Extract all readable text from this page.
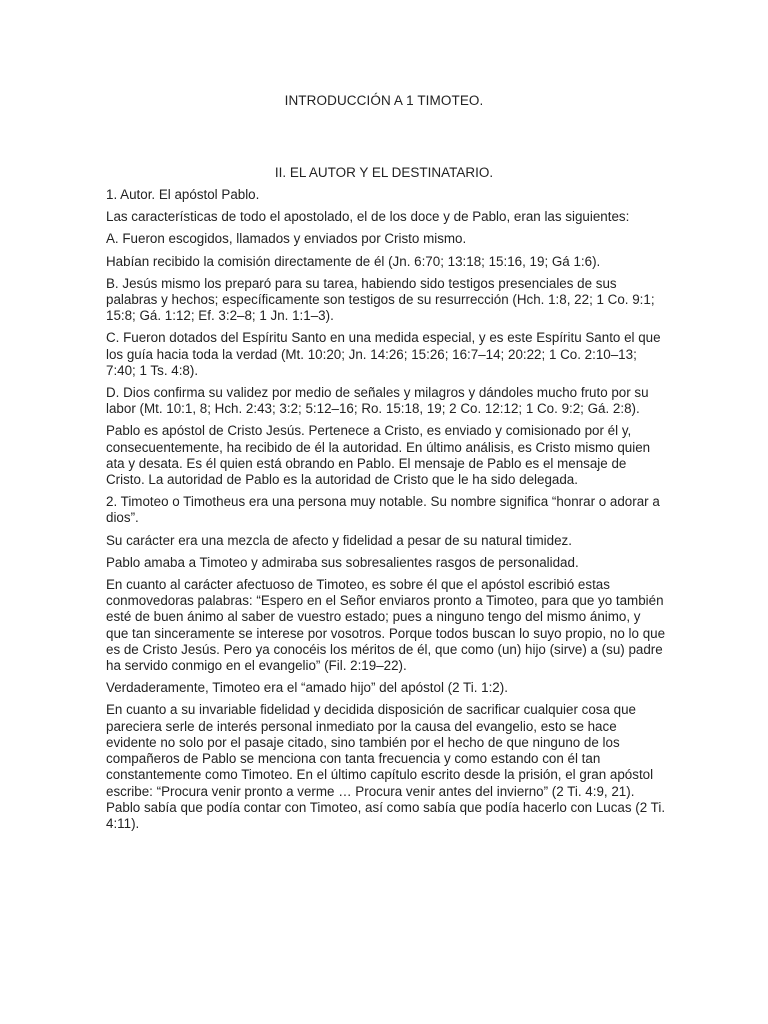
INTRODUCCIÓN A 1 TIMOTEO.
II. EL AUTOR Y EL DESTINATARIO.

1. Autor. El apóstol Pablo.

Las características de todo el apostolado, el de los doce y de Pablo, eran las siguientes:

A. Fueron escogidos, llamados y enviados por Cristo mismo.

Habían recibido la comisión directamente de él (Jn. 6:70; 13:18; 15:16, 19; Gá 1:6).

B. Jesús mismo los preparó para su tarea, habiendo sido testigos presenciales de sus palabras y hechos; específicamente son testigos de su resurrección (Hch. 1:8, 22; 1 Co. 9:1; 15:8; Gá. 1:12; Ef. 3:2–8; 1 Jn. 1:1–3).

C. Fueron dotados del Espíritu Santo en una medida especial, y es este Espíritu Santo el que los guía hacia toda la verdad (Mt. 10:20; Jn. 14:26; 15:26; 16:7–14; 20:22; 1 Co. 2:10–13; 7:40; 1 Ts. 4:8).

D. Dios confirma su validez por medio de señales y milagros y dándoles mucho fruto por su labor (Mt. 10:1, 8; Hch. 2:43; 3:2; 5:12–16; Ro. 15:18, 19; 2 Co. 12:12; 1 Co. 9:2; Gá. 2:8).

Pablo es apóstol de Cristo Jesús. Pertenece a Cristo, es enviado y comisionado por él y, consecuentemente, ha recibido de él la autoridad. En último análisis, es Cristo mismo quien ata y desata. Es él quien está obrando en Pablo. El mensaje de Pablo es el mensaje de Cristo. La autoridad de Pablo es la autoridad de Cristo que le ha sido delegada.

2. Timoteo o Timotheus era una persona muy notable. Su nombre significa “honrar o adorar a dios”.

Su carácter era una mezcla de afecto y fidelidad a pesar de su natural timidez.

Pablo amaba a Timoteo y admiraba sus sobresalientes rasgos de personalidad.

En cuanto al carácter afectuoso de Timoteo, es sobre él que el apóstol escribió estas conmovedoras palabras: “Espero en el Señor enviaros pronto a Timoteo, para que yo también esté de buen ánimo al saber de vuestro estado; pues a ninguno tengo del mismo ánimo, y que tan sinceramente se interese por vosotros. Porque todos buscan lo suyo propio, no lo que es de Cristo Jesús. Pero ya conocéis los méritos de él, que como (un) hijo (sirve) a (su) padre ha servido conmigo en el evangelio” (Fil. 2:19–22).

Verdaderamente, Timoteo era el “amado hijo” del apóstol (2 Ti. 1:2).

En cuanto a su invariable fidelidad y decidida disposición de sacrificar cualquier cosa que pareciera serle de interés personal inmediato por la causa del evangelio, esto se hace evidente no solo por el pasaje citado, sino también por el hecho de que ninguno de los compañeros de Pablo se menciona con tanta frecuencia y como estando con él tan constantemente como Timoteo. En el último capítulo escrito desde la prisión, el gran apóstol escribe: “Procura venir pronto a verme … Procura venir antes del invierno” (2 Ti. 4:9, 21). Pablo sabía que podía contar con Timoteo, así como sabía que podía hacerlo con Lucas (2 Ti. 4:11).
